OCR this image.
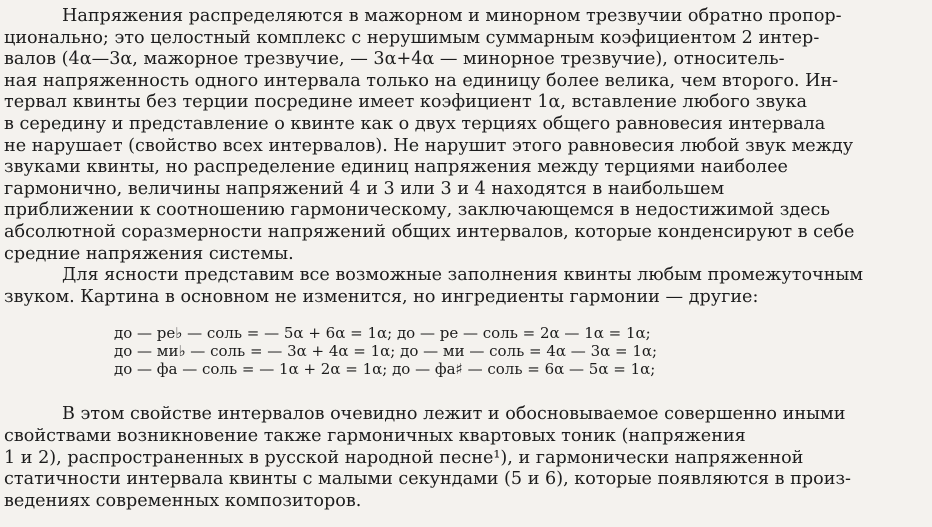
Напряжения распределяются в мажорном и минорном трезвучии обратно пропор-

ционально; это целостный комплекс с нерушимым суммарным коэфициентом 2 интер-

валов (4α—3α, мажорное трезвучие, — 3α+4α — минорное трезвучие), относитель-

ная напряженность одного интервала только на единицу более велика, чем второго. Ин-

тервал квинты без терции посредине имеет коэфициент 1α, вставление любого звука

в середину и представление о квинте как о двух терциях общего равновесия интервала

не нарушает (свойство всех интервалов). Не нарушит этого равновесия любой звук между

звуками квинты, но распределение единиц напряжения между терциями наиболее

гармонично, величины напряжений 4 и 3 или 3 и 4 находятся в наибольшем

приближении к соотношению гармоническому, заключающемся в недостижимой здесь

абсолютной соразмерности напряжений общих интервалов, которые конденсируют в себе

средние напряжения системы.

Для ясности представим все возможные заполнения квинты любым промежуточным

звуком. Картина в основном не изменится, но ингредиенты гармонии — другие:

до — ре♭ — соль = — 5α + 6α = 1α; до — ре — соль = 2α — 1α = 1α;
до — ми♭ — соль = — 3α + 4α = 1α; до — ми — соль = 4α — 3α = 1α;
до — фа — соль = — 1α + 2α = 1α; до — фа♯ — соль = 6α — 5α = 1α;

В этом свойстве интервалов очевидно лежит и обосновываемое совершенно иными

свойствами возникновение также гармоничных квартовых тоник (напряжения

1 и 2), распространенных в русской народной песне¹), и гармонически напряженной

статичности интервала квинты с малыми секундами (5 и 6), которые появляются в произ-

ведениях современных композиторов.
